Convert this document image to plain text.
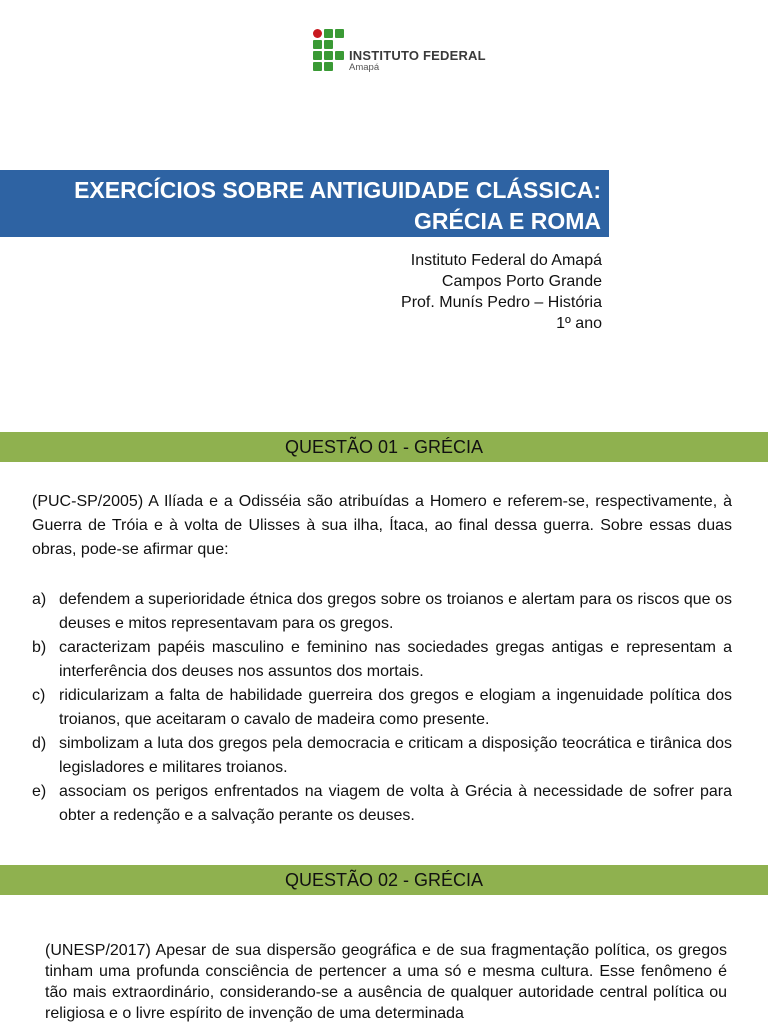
INSTITUTO FEDERAL
Amapá
EXERCÍCIOS SOBRE ANTIGUIDADE CLÁSSICA:
GRÉCIA E ROMA
Instituto Federal do Amapá
Campos Porto Grande
Prof. Munís Pedro – História
1º ano
QUESTÃO 01 - GRÉCIA
(PUC-SP/2005) A Ilíada e a Odisséia são atribuídas a Homero e referem-se, respectivamente, à Guerra de Tróia e à volta de Ulisses à sua ilha, Ítaca, ao final dessa guerra. Sobre essas duas obras, pode-se afirmar que:
a) defendem a superioridade étnica dos gregos sobre os troianos e alertam para os riscos que os deuses e mitos representavam para os gregos.
b) caracterizam papéis masculino e feminino nas sociedades gregas antigas e representam a interferência dos deuses nos assuntos dos mortais.
c) ridicularizam a falta de habilidade guerreira dos gregos e elogiam a ingenuidade política dos troianos, que aceitaram o cavalo de madeira como presente.
d) simbolizam a luta dos gregos pela democracia e criticam a disposição teocrática e tirânica dos legisladores e militares troianos.
e) associam os perigos enfrentados na viagem de volta à Grécia à necessidade de sofrer para obter a redenção e a salvação perante os deuses.
QUESTÃO 02 - GRÉCIA
(UNESP/2017) Apesar de sua dispersão geográfica e de sua fragmentação política, os gregos tinham uma profunda consciência de pertencer a uma só e mesma cultura. Esse fenômeno é tão mais extraordinário, considerando-se a ausência de qualquer autoridade central política ou religiosa e o livre espírito de invenção de uma determinada
